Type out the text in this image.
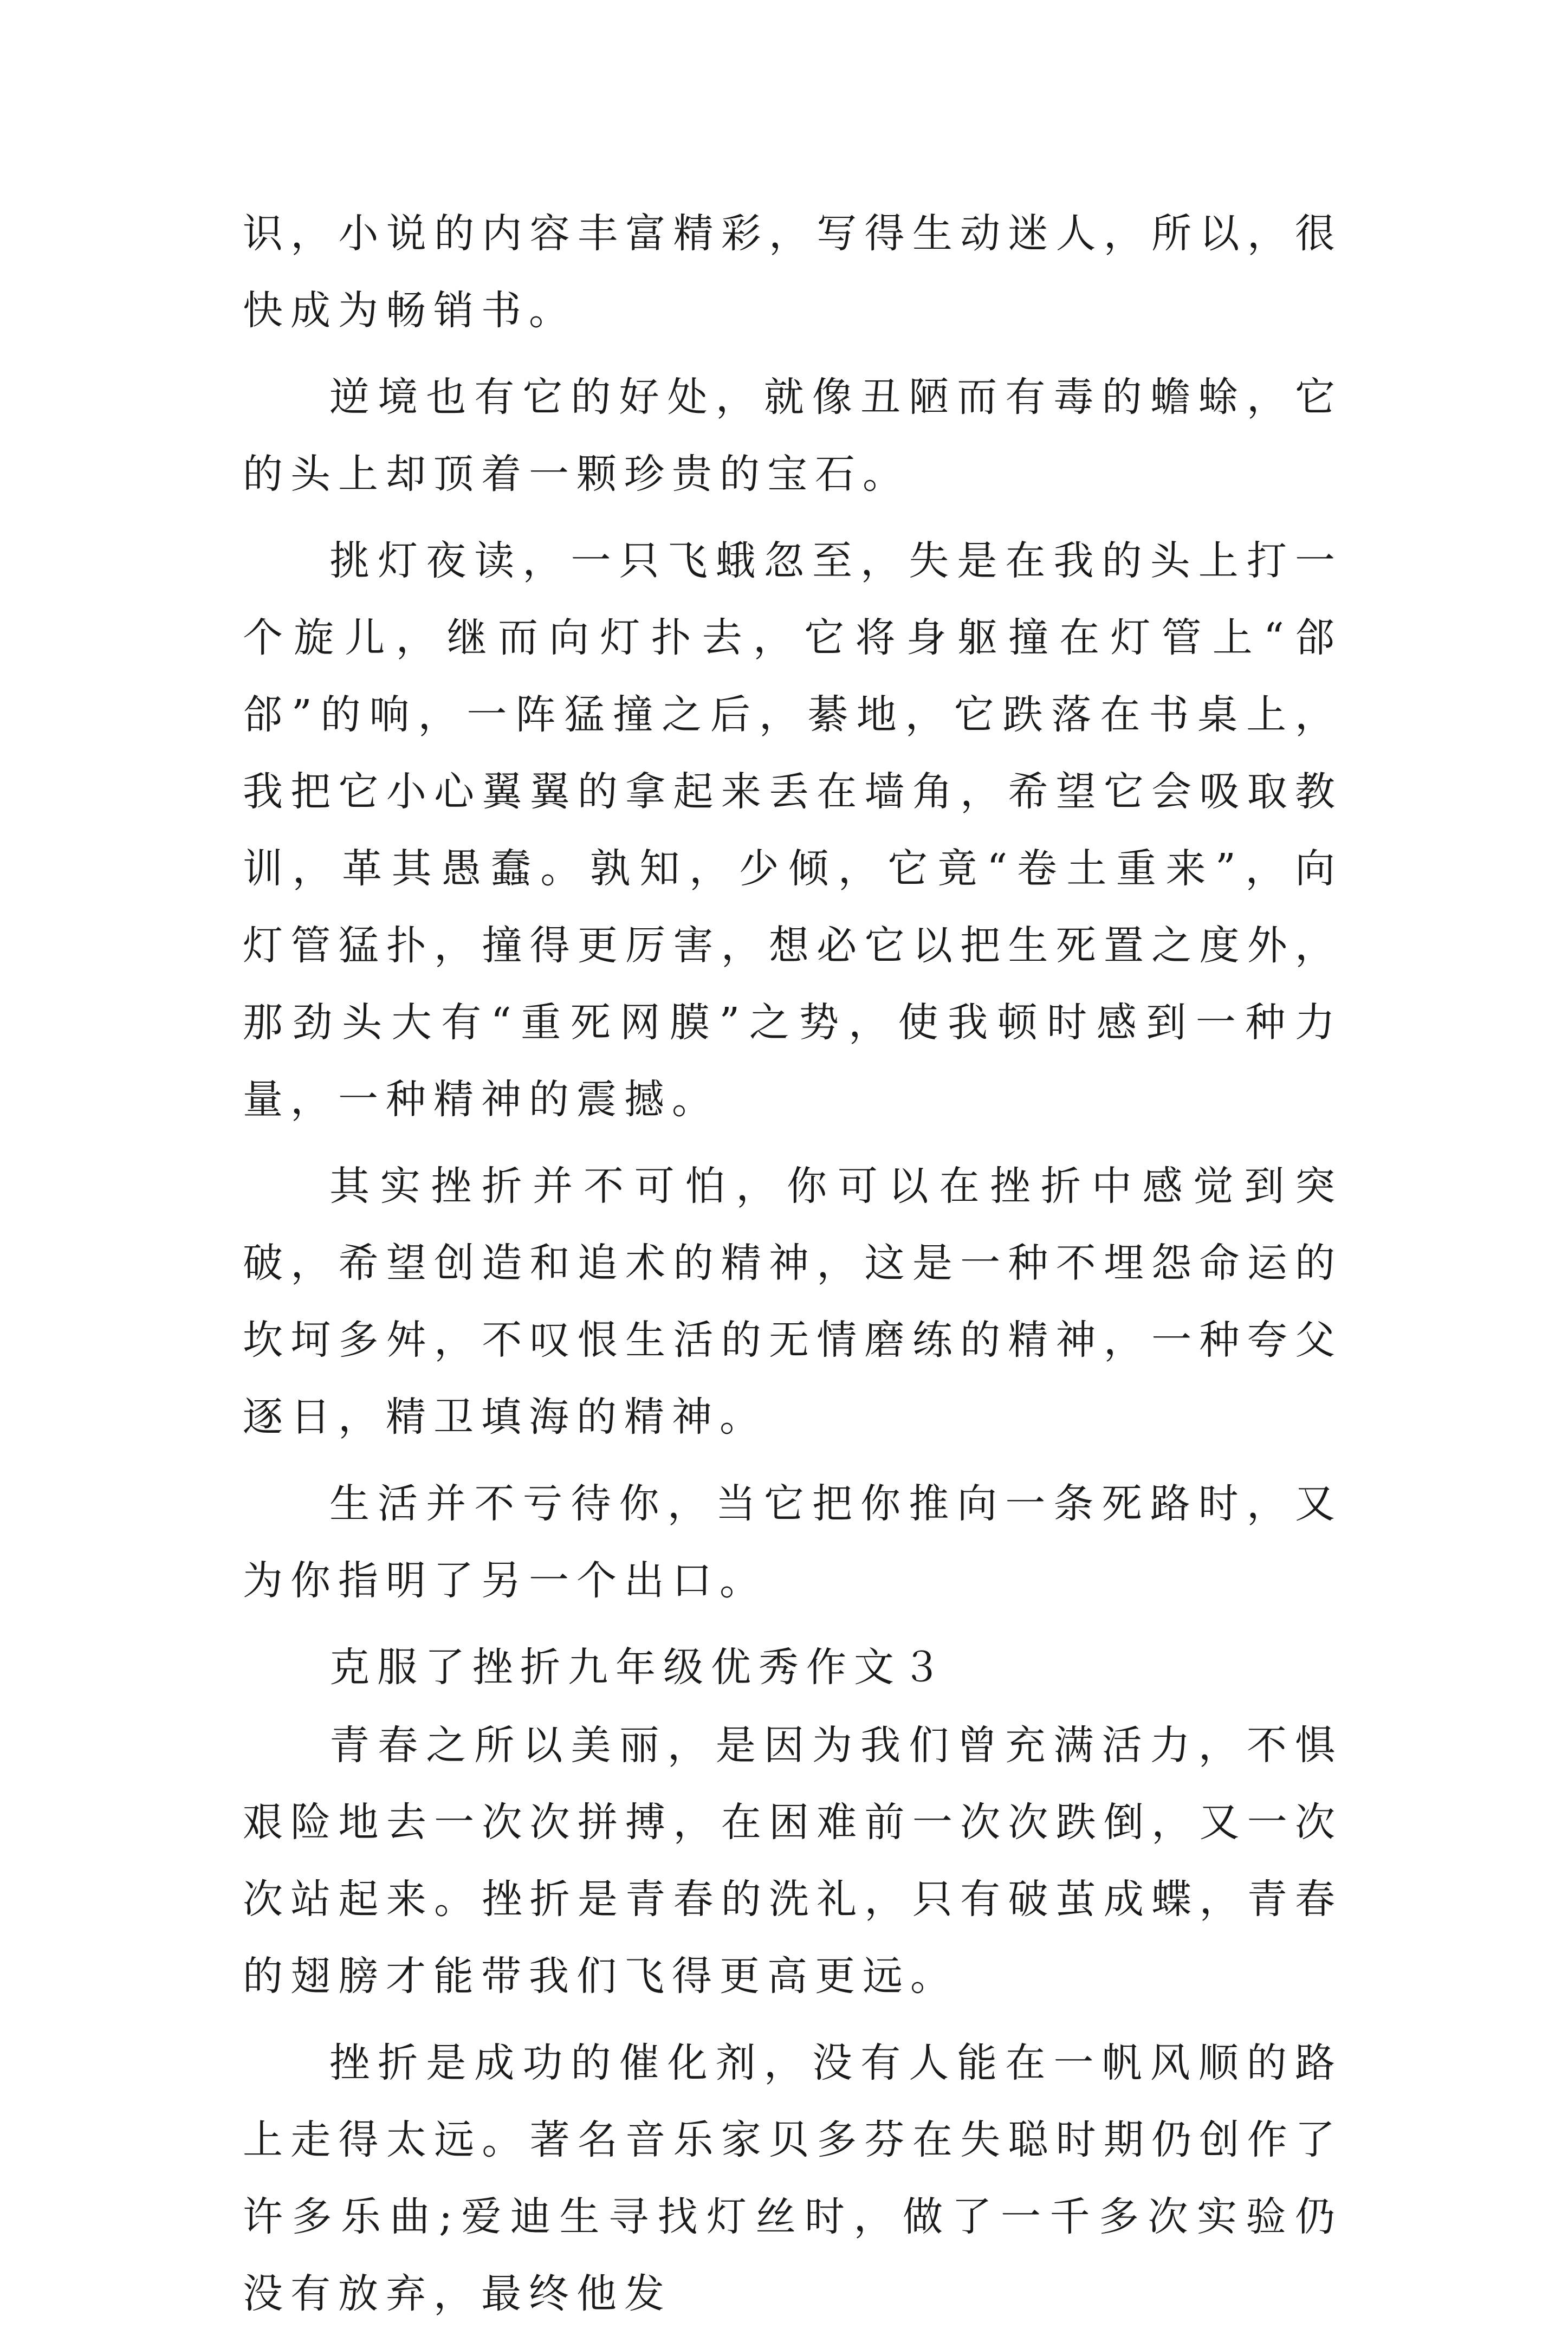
识，小说的内容丰富精彩，写得生动迷人，所以，很快成为畅销书。

逆境也有它的好处，就像丑陋而有毒的蟾蜍，它的头上却顶着一颗珍贵的宝石。

挑灯夜读，一只飞蛾忽至，失是在我的头上打一个旋儿，继而向灯扑去，它将身躯撞在灯管上“郃郃”的响，一阵猛撞之后，綦地，它跌落在书桌上，我把它小心翼翼的拿起来丢在墙角，希望它会吸取教训，革其愚蠢。孰知，少倾，它竟“卷土重来”，向灯管猛扑，撞得更厉害，想必它以把生死置之度外，那劲头大有“重死网膜”之势，使我顿时感到一种力量，一种精神的震撼。

其实挫折并不可怕，你可以在挫折中感觉到突破，希望创造和追术的精神，这是一种不埋怨命运的坎坷多舛，不叹恨生活的无情磨练的精神，一种夸父逐日，精卫填海的精神。

生活并不亏待你，当它把你推向一条死路时，又为你指明了另一个出口。

克服了挫折九年级优秀作文３

青春之所以美丽，是因为我们曾充满活力，不惧艰险地去一次次拼搏，在困难前一次次跌倒，又一次次站起来。挫折是青春的洗礼，只有破茧成蝶，青春的翅膀才能带我们飞得更高更远。

挫折是成功的催化剂，没有人能在一帆风顺的路上走得太远。著名音乐家贝多芬在失聪时期仍创作了许多乐曲;爱迪生寻找灯丝时，做了一千多次实验仍没有放弃，最终他发
